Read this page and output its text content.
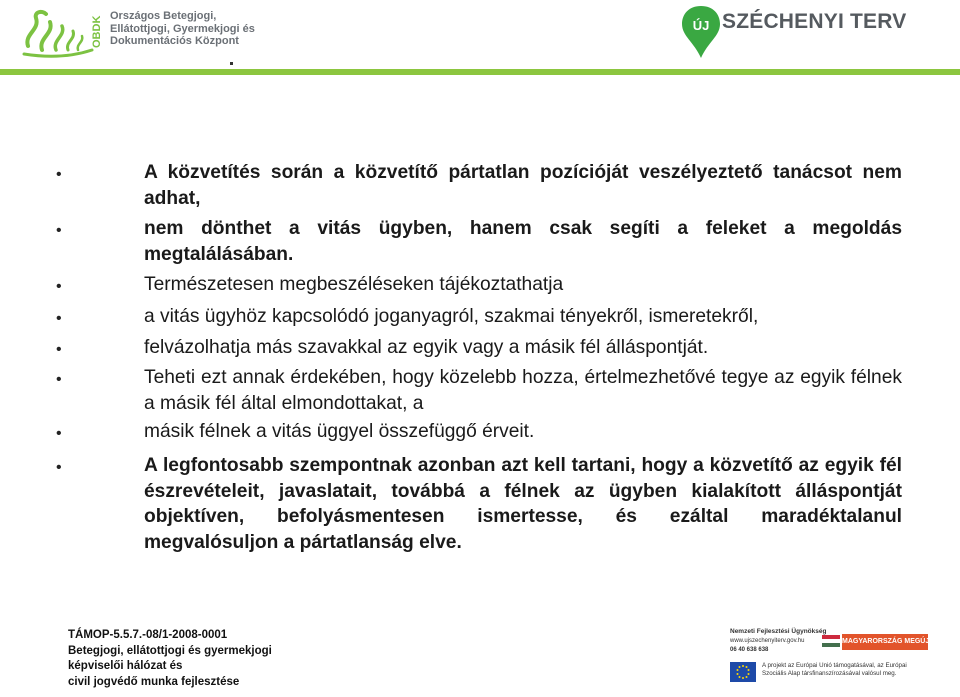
OBDK Országos Betegjogi,
Ellátottjogi, Gyermekjogi és
Dokumentációs Központ
ÚJ SZÉCHENYI TERV
•	A közvetítés során a közvetítő pártatlan pozícióját veszélyeztető tanácsot nem adhat,
•	nem dönthet a vitás ügyben, hanem csak segíti a feleket a megoldás megtalálásában.
•	Természetesen megbeszéléseken tájékoztathatja
•	a vitás ügyhöz kapcsolódó joganyagról, szakmai tényekről, ismeretekről,
•	felvázolhatja más szavakkal az egyik vagy a másik fél álláspontját.
•	Teheti ezt annak érdekében, hogy közelebb hozza, értelmezhetővé tegye az egyik félnek a másik fél által elmondottakat, a
•	másik félnek a vitás üggyel összefüggő érveit.
•	A legfontosabb szempontnak azonban azt kell tartani, hogy a közvetítő az egyik fél észrevételeit, javaslatait, továbbá a félnek az ügyben kialakított álláspontját objektíven, befolyásmentesen ismertesse, és ezáltal maradéktalanul megvalósuljon a pártatlanság elve.
TÁMOP-5.5.7.-08/1-2008-0001
Betegjogi, ellátottjogi és gyermekjogi
képviselői hálózat és
civil jogvédő munka fejlesztése
Nemzeti Fejlesztési Ügynökség
www.ujszechenyiterv.gov.hu
06 40 638 638
MAGYARORSZÁG MEGÚJUL
A projekt az Európai Unió támogatásával, az Európai
Szociális Alap társfinanszírozásával valósul meg.
